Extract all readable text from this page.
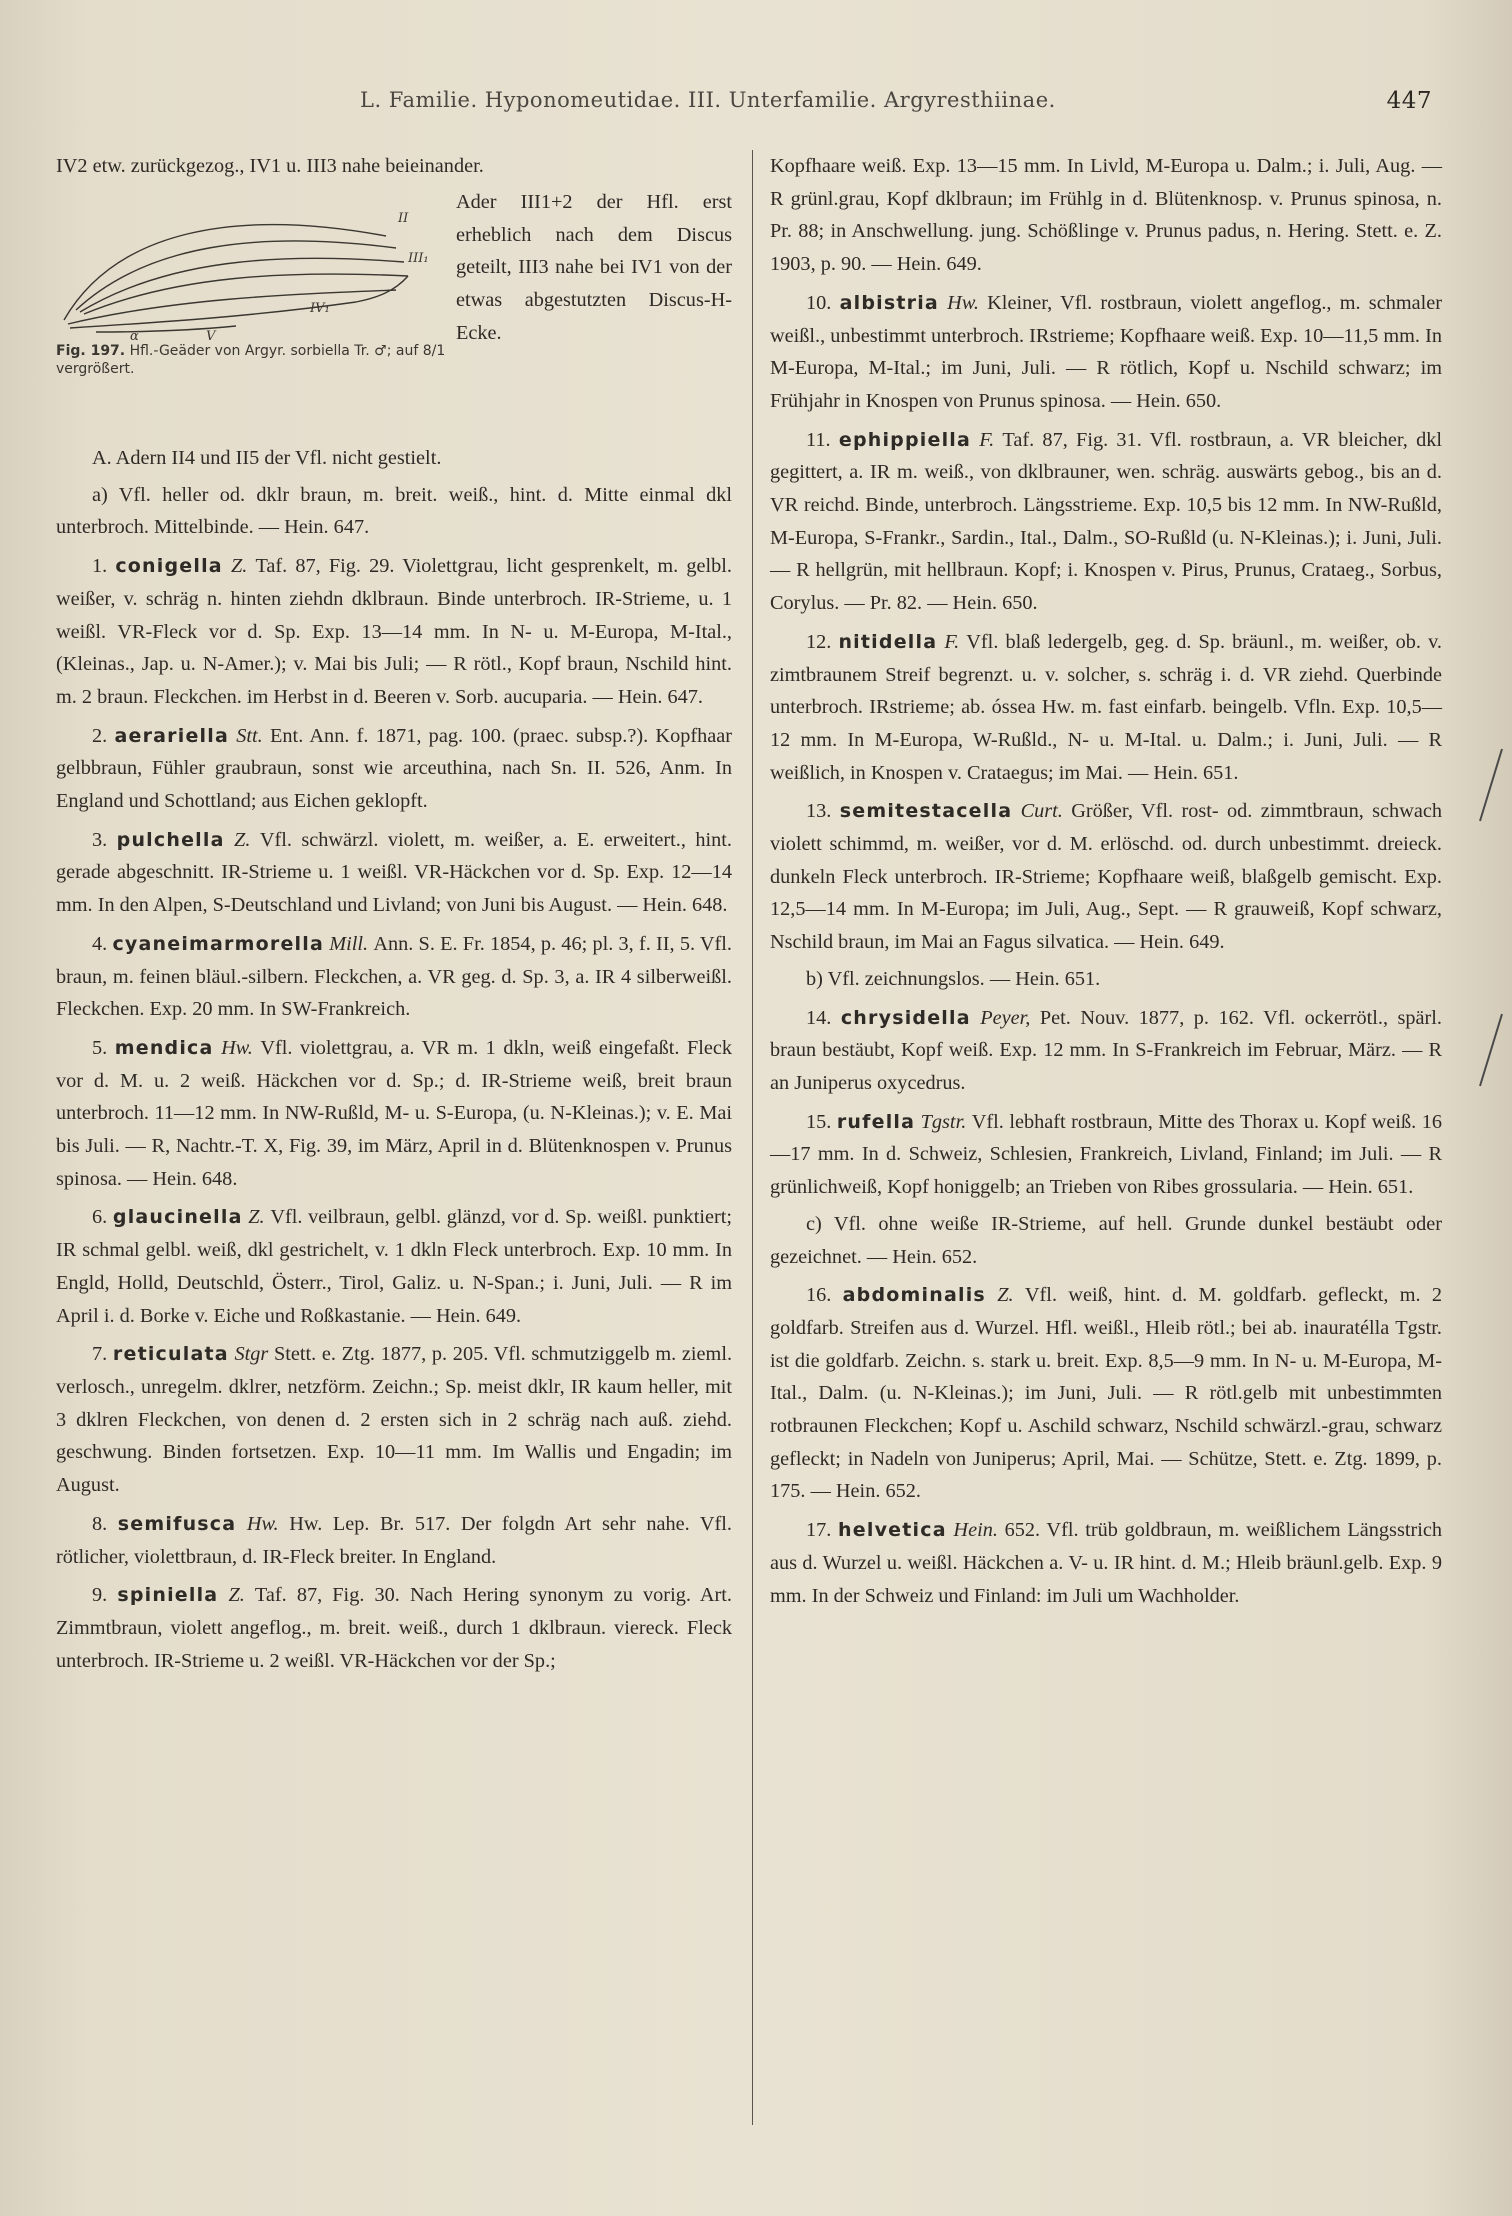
L. Familie. Hyponomeutidae. III. Unterfamilie. Argyresthiinae.	447

IV2 etw. zurückgezog., IV1 u. III3 nahe beieinander.

II
III₁
IV₁
α	V
Fig. 197. Hfl.-Geäder von Argyr. sorbiella Tr. ♂; auf 8/1 vergrößert.

Ader III1+2 der Hfl. erst erheblich nach dem Discus geteilt, III3 nahe bei IV1 von der etwas abgestutzten Discus-H-Ecke.

A. Adern II4 und II5 der Vfl. nicht gestielt.

a) Vfl. heller od. dklr braun, m. breit. weiß., hint. d. Mitte einmal dkl unterbroch. Mittelbinde. — Hein. 647.

1. conigella Z. Taf. 87, Fig. 29. Violettgrau, licht gesprenkelt, m. gelbl. weißer, v. schräg n. hinten ziehdn dklbraun. Binde unterbroch. IR-Strieme, u. 1 weißl. VR-Fleck vor d. Sp. Exp. 13—14 mm. In N- u. M-Europa, M-Ital., (Kleinas., Jap. u. N-Amer.); v. Mai bis Juli; — R rötl., Kopf braun, Nschild hint. m. 2 braun. Fleckchen. im Herbst in d. Beeren v. Sorb. aucuparia. — Hein. 647.

2. aerariella Stt. Ent. Ann. f. 1871, pag. 100. (praec. subsp.?). Kopfhaar gelbbraun, Fühler graubraun, sonst wie arceuthina, nach Sn. II. 526, Anm. In England und Schottland; aus Eichen geklopft.

3. pulchella Z. Vfl. schwärzl. violett, m. weißer, a. E. erweitert., hint. gerade abgeschnitt. IR-Strieme u. 1 weißl. VR-Häckchen vor d. Sp. Exp. 12—14 mm. In den Alpen, S-Deutschland und Livland; von Juni bis August. — Hein. 648.

4. cyaneimarmorella Mill. Ann. S. E. Fr. 1854, p. 46; pl. 3, f. II, 5. Vfl. braun, m. feinen bläul.-silbern. Fleckchen, a. VR geg. d. Sp. 3, a. IR 4 silberweißl. Fleckchen. Exp. 20 mm. In SW-Frankreich.

5. mendica Hw. Vfl. violettgrau, a. VR m. 1 dkln, weiß eingefaßt. Fleck vor d. M. u. 2 weiß. Häckchen vor d. Sp.; d. IR-Strieme weiß, breit braun unterbroch. 11—12 mm. In NW-Rußld, M- u. S-Europa, (u. N-Kleinas.); v. E. Mai bis Juli. — R, Nachtr.-T. X, Fig. 39, im März, April in d. Blütenknospen v. Prunus spinosa. — Hein. 648.

6. glaucinella Z. Vfl. veilbraun, gelbl. glänzd, vor d. Sp. weißl. punktiert; IR schmal gelbl. weiß, dkl gestrichelt, v. 1 dkln Fleck unterbroch. Exp. 10 mm. In Engld, Holld, Deutschld, Österr., Tirol, Galiz. u. N-Span.; i. Juni, Juli. — R im April i. d. Borke v. Eiche und Roßkastanie. — Hein. 649.

7. reticulata Stgr Stett. e. Ztg. 1877, p. 205. Vfl. schmutziggelb m. zieml. verlosch., unregelm. dklrer, netzförm. Zeichn.; Sp. meist dklr, IR kaum heller, mit 3 dklren Fleckchen, von denen d. 2 ersten sich in 2 schräg nach auß. ziehd. geschwung. Binden fortsetzen. Exp. 10—11 mm. Im Wallis und Engadin; im August.

8. semifusca Hw. Hw. Lep. Br. 517. Der folgdn Art sehr nahe. Vfl. rötlicher, violettbraun, d. IR-Fleck breiter. In England.

9. spiniella Z. Taf. 87, Fig. 30. Nach Hering synonym zu vorig. Art. Zimmtbraun, violett angeflog., m. breit. weiß., durch 1 dklbraun. viereck. Fleck unterbroch. IR-Strieme u. 2 weißl. VR-Häckchen vor der Sp.;

Kopfhaare weiß. Exp. 13—15 mm. In Livld, M-Europa u. Dalm.; i. Juli, Aug. — R grünl.grau, Kopf dklbraun; im Frühlg in d. Blütenknosp. v. Prunus spinosa, n. Pr. 88; in Anschwellung. jung. Schößlinge v. Prunus padus, n. Hering. Stett. e. Z. 1903, p. 90. — Hein. 649.

10. albistria Hw. Kleiner, Vfl. rostbraun, violett angeflog., m. schmaler weißl., unbestimmt unterbroch. IRstrieme; Kopfhaare weiß. Exp. 10—11,5 mm. In M-Europa, M-Ital.; im Juni, Juli. — R rötlich, Kopf u. Nschild schwarz; im Frühjahr in Knospen von Prunus spinosa. — Hein. 650.

11. ephippiella F. Taf. 87, Fig. 31. Vfl. rostbraun, a. VR bleicher, dkl gegittert, a. IR m. weiß., von dklbrauner, wen. schräg. auswärts gebog., bis an d. VR reichd. Binde, unterbroch. Längsstrieme. Exp. 10,5 bis 12 mm. In NW-Rußld, M-Europa, S-Frankr., Sardin., Ital., Dalm., SO-Rußld (u. N-Kleinas.); i. Juni, Juli. — R hellgrün, mit hellbraun. Kopf; i. Knospen v. Pirus, Prunus, Crataeg., Sorbus, Corylus. — Pr. 82. — Hein. 650.

12. nitidella F. Vfl. blaß ledergelb, geg. d. Sp. bräunl., m. weißer, ob. v. zimtbraunem Streif begrenzt. u. v. solcher, s. schräg i. d. VR ziehd. Querbinde unterbroch. IRstrieme; ab. óssea Hw. m. fast einfarb. beingelb. Vfln. Exp. 10,5—12 mm. In M-Europa, W-Rußld., N- u. M-Ital. u. Dalm.; i. Juni, Juli. — R weißlich, in Knospen v. Crataegus; im Mai. — Hein. 651.

13. semitestacella Curt. Größer, Vfl. rost- od. zimmtbraun, schwach violett schimmd, m. weißer, vor d. M. erlöschd. od. durch unbestimmt. dreieck. dunkeln Fleck unterbroch. IR-Strieme; Kopfhaare weiß, blaßgelb gemischt. Exp. 12,5—14 mm. In M-Europa; im Juli, Aug., Sept. — R grauweiß, Kopf schwarz, Nschild braun, im Mai an Fagus silvatica. — Hein. 649.

b) Vfl. zeichnungslos. — Hein. 651.

14. chrysidella Peyer, Pet. Nouv. 1877, p. 162. Vfl. ockerrötl., spärl. braun bestäubt, Kopf weiß. Exp. 12 mm. In S-Frankreich im Februar, März. — R an Juniperus oxycedrus.

15. rufella Tgstr. Vfl. lebhaft rostbraun, Mitte des Thorax u. Kopf weiß. 16—17 mm. In d. Schweiz, Schlesien, Frankreich, Livland, Finland; im Juli. — R grünlichweiß, Kopf honiggelb; an Trieben von Ribes grossularia. — Hein. 651.

c) Vfl. ohne weiße IR-Strieme, auf hell. Grunde dunkel bestäubt oder gezeichnet. — Hein. 652.

16. abdominalis Z. Vfl. weiß, hint. d. M. goldfarb. gefleckt, m. 2 goldfarb. Streifen aus d. Wurzel. Hfl. weißl., Hleib rötl.; bei ab. inauratélla Tgstr. ist die goldfarb. Zeichn. s. stark u. breit. Exp. 8,5—9 mm. In N- u. M-Europa, M-Ital., Dalm. (u. N-Kleinas.); im Juni, Juli. — R rötl.gelb mit unbestimmten rotbraunen Fleckchen; Kopf u. Aschild schwarz, Nschild schwärzl.-grau, schwarz gefleckt; in Nadeln von Juniperus; April, Mai. — Schütze, Stett. e. Ztg. 1899, p. 175. — Hein. 652.

17. helvetica Hein. 652. Vfl. trüb goldbraun, m. weißlichem Längsstrich aus d. Wurzel u. weißl. Häckchen a. V- u. IR hint. d. M.; Hleib bräunl.gelb. Exp. 9 mm. In der Schweiz und Finland: im Juli um Wachholder.
